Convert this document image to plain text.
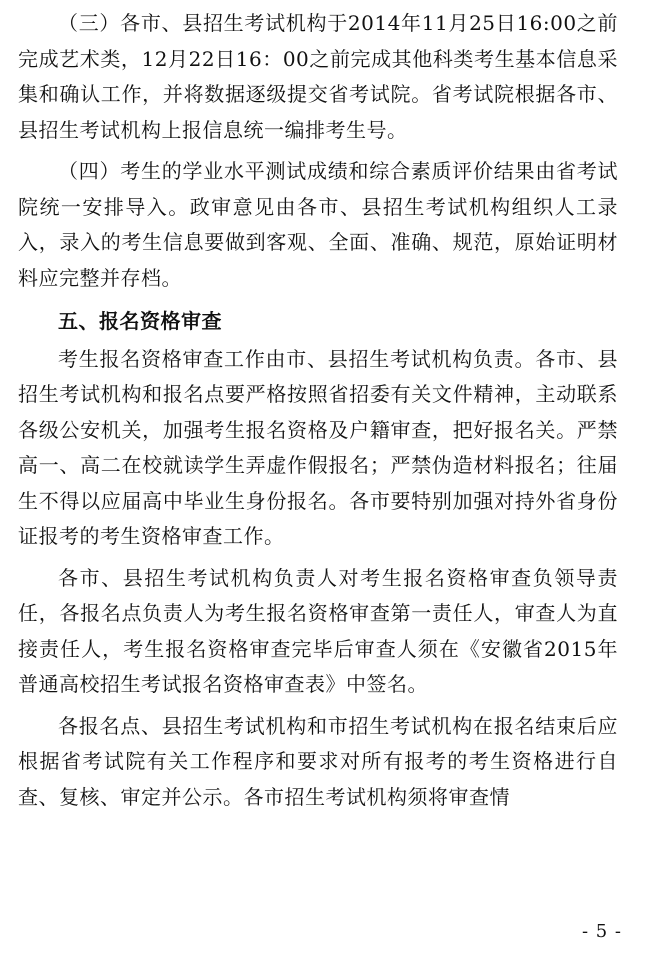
（三）各市、县招生考试机构于2014年11月25日16:00之前完成艺术类，12月22日16：00之前完成其他科类考生基本信息采集和确认工作，并将数据逐级提交省考试院。省考试院根据各市、县招生考试机构上报信息统一编排考生号。

（四）考生的学业水平测试成绩和综合素质评价结果由省考试院统一安排导入。政审意见由各市、县招生考试机构组织人工录入，录入的考生信息要做到客观、全面、准确、规范，原始证明材料应完整并存档。

五、报名资格审查

考生报名资格审查工作由市、县招生考试机构负责。各市、县招生考试机构和报名点要严格按照省招委有关文件精神，主动联系各级公安机关，加强考生报名资格及户籍审查，把好报名关。严禁高一、高二在校就读学生弄虚作假报名；严禁伪造材料报名；往届生不得以应届高中毕业生身份报名。各市要特别加强对持外省身份证报考的考生资格审查工作。

各市、县招生考试机构负责人对考生报名资格审查负领导责任，各报名点负责人为考生报名资格审查第一责任人，审查人为直接责任人，考生报名资格审查完毕后审查人须在《安徽省2015年普通高校招生考试报名资格审查表》中签名。

各报名点、县招生考试机构和市招生考试机构在报名结束后应根据省考试院有关工作程序和要求对所有报考的考生资格进行自查、复核、审定并公示。各市招生考试机构须将审查情

- 5 -
